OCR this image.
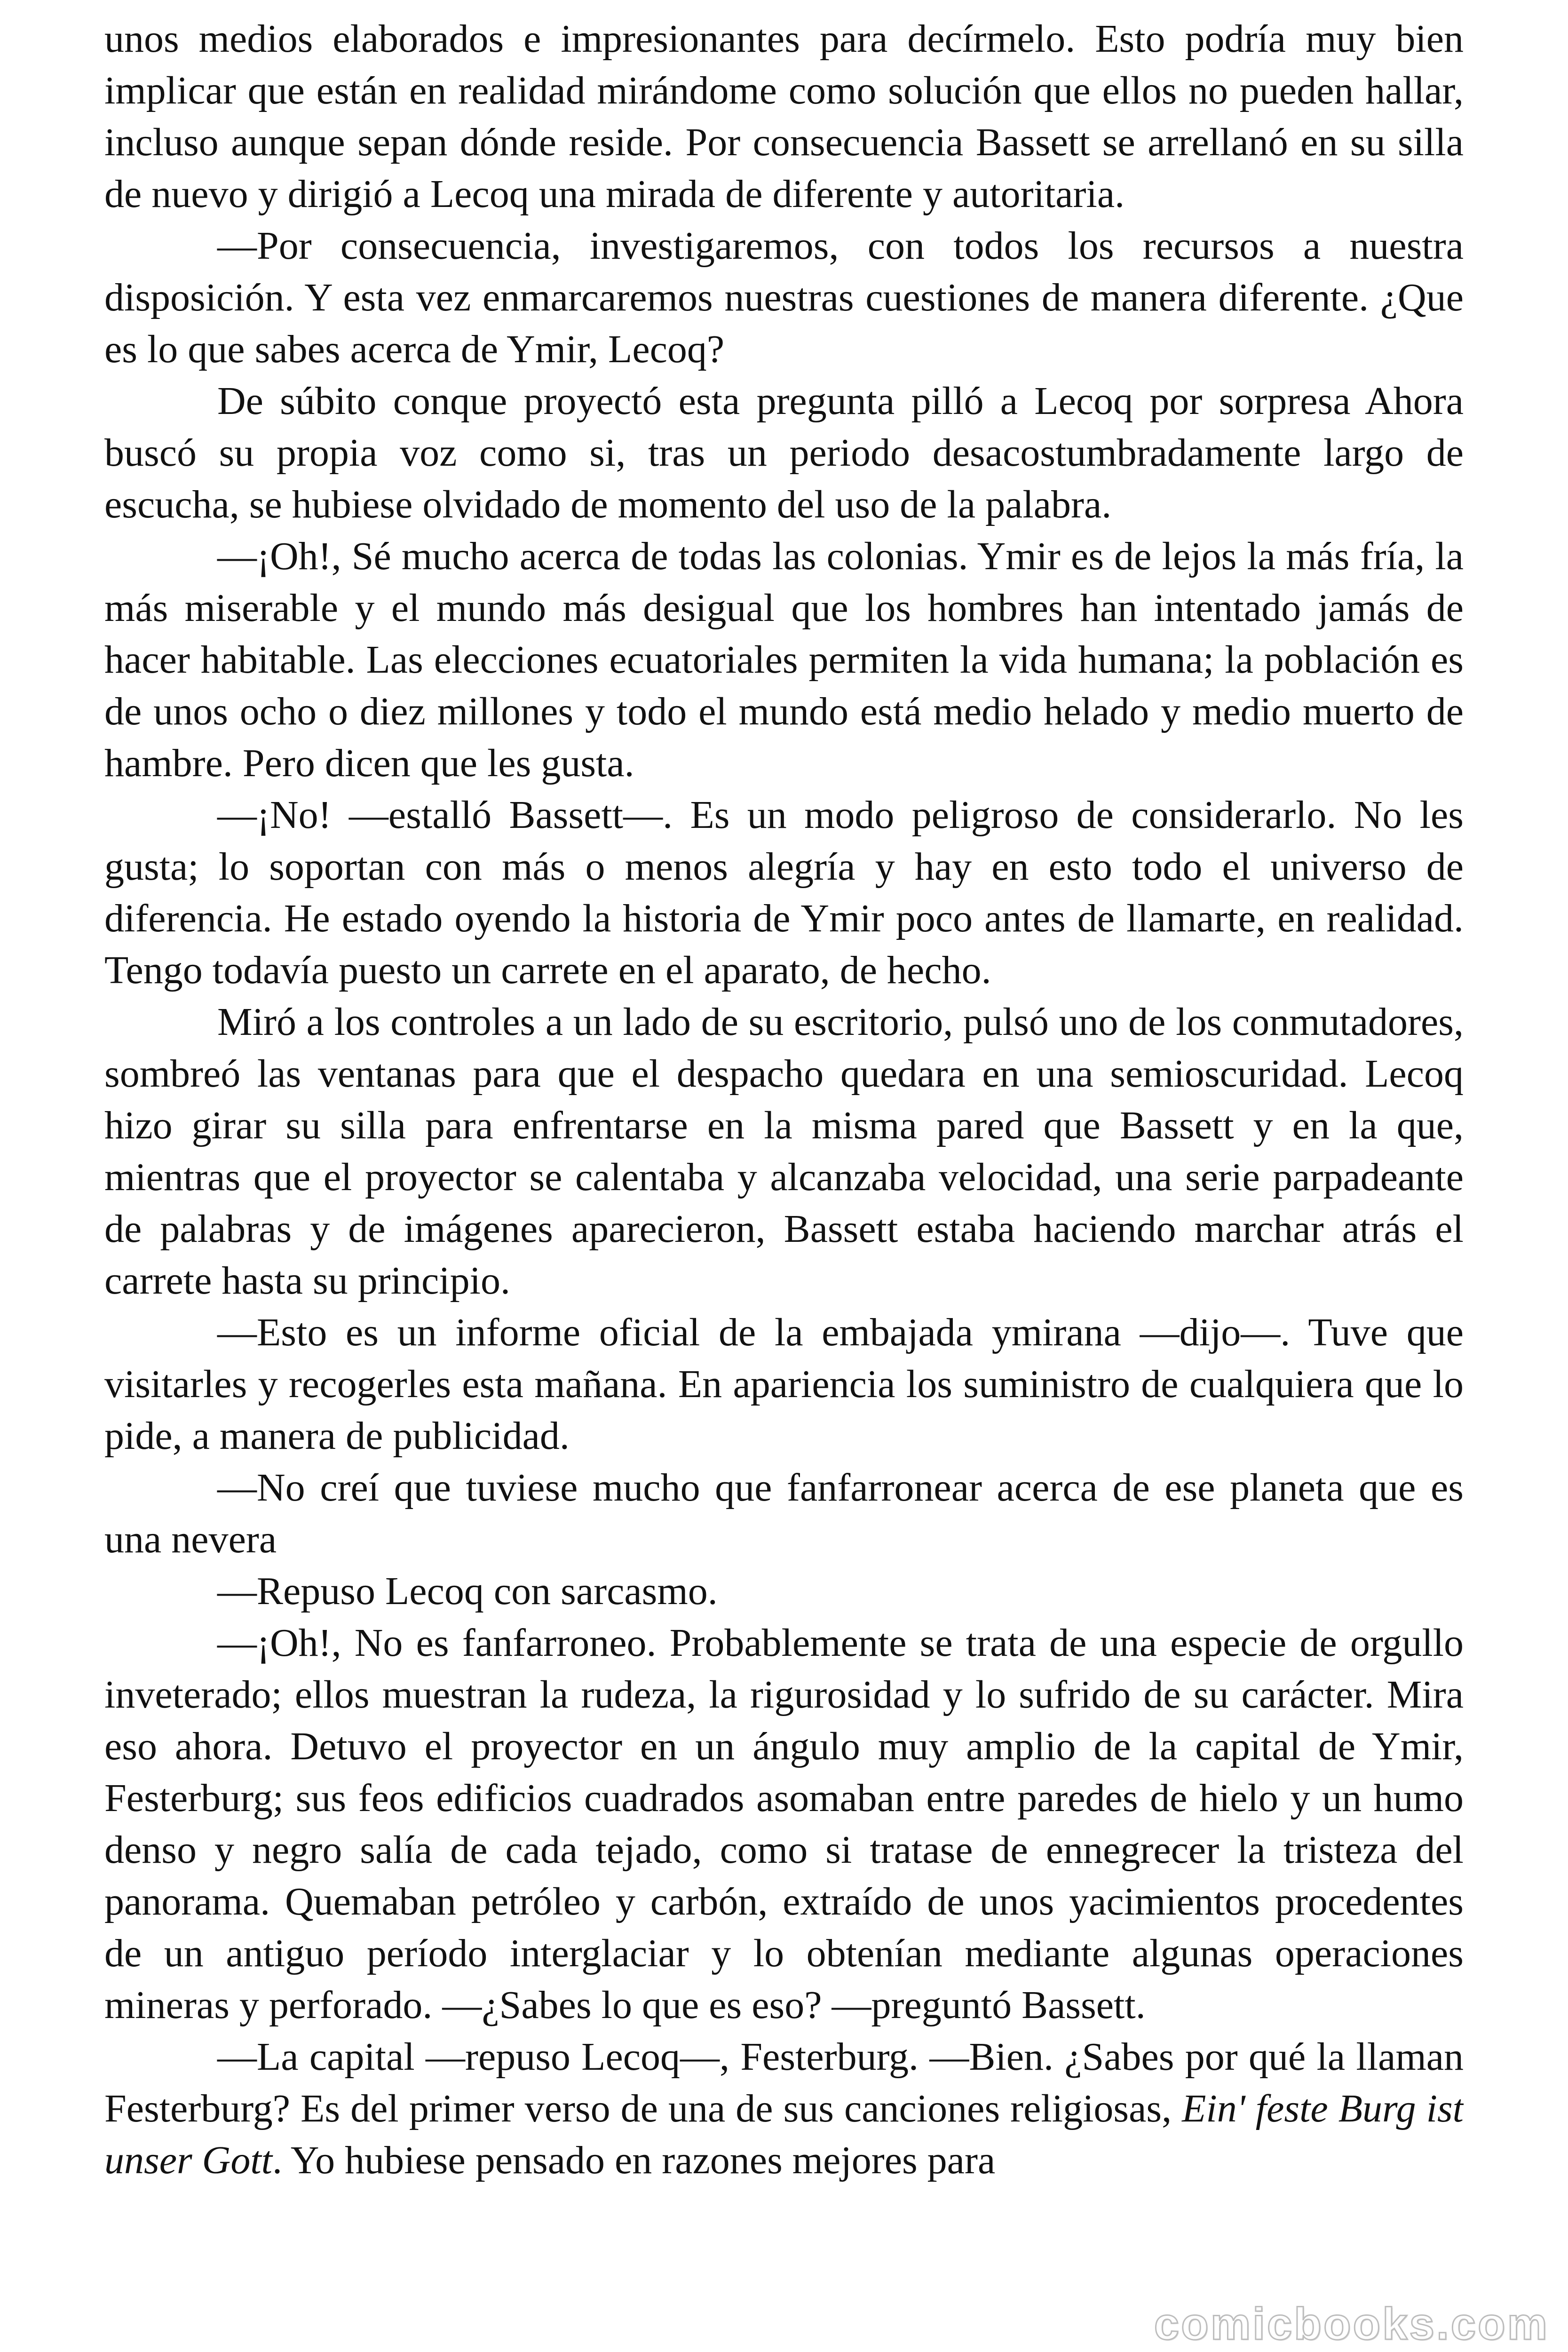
unos medios elaborados e impresionantes para decírmelo. Esto podría muy bien implicar que están en realidad mirándome como solución que ellos no pueden hallar, incluso aunque sepan dónde reside. Por consecuencia Bassett se arrellanó en su silla de nuevo y dirigió a Lecoq una mirada de diferente y autoritaria.

—Por consecuencia, investigaremos, con todos los recursos a nuestra disposición. Y esta vez enmarcaremos nuestras cuestiones de manera diferente. ¿Que es lo que sabes acerca de Ymir, Lecoq?

De súbito conque proyectó esta pregunta pilló a Lecoq por sorpresa Ahora buscó su propia voz como si, tras un periodo desacostumbradamente largo de escucha, se hubiese olvidado de momento del uso de la palabra.

—¡Oh!, Sé mucho acerca de todas las colonias. Ymir es de lejos la más fría, la más miserable y el mundo más desigual que los hombres han intentado jamás de hacer habitable. Las elecciones ecuatoriales permiten la vida humana; la población es de unos ocho o diez millones y todo el mundo está medio helado y medio muerto de hambre. Pero dicen que les gusta.

—¡No! —estalló Bassett—. Es un modo peligroso de considerarlo. No les gusta; lo soportan con más o menos alegría y hay en esto todo el universo de diferencia. He estado oyendo la historia de Ymir poco antes de llamarte, en realidad. Tengo todavía puesto un carrete en el aparato, de hecho.

Miró a los controles a un lado de su escritorio, pulsó uno de los conmutadores, sombreó las ventanas para que el despacho quedara en una semioscuridad. Lecoq hizo girar su silla para enfrentarse en la misma pared que Bassett y en la que, mientras que el proyector se calentaba y alcanzaba velocidad, una serie parpadeante de palabras y de imágenes aparecieron, Bassett estaba haciendo marchar atrás el carrete hasta su principio.

—Esto es un informe oficial de la embajada ymirana —dijo—. Tuve que visitarles y recogerles esta mañana. En apariencia los suministro de cualquiera que lo pide, a manera de publicidad.

—No creí que tuviese mucho que fanfarronear acerca de ese planeta que es una nevera

—Repuso Lecoq con sarcasmo.

—¡Oh!, No es fanfarroneo. Probablemente se trata de una especie de orgullo inveterado; ellos muestran la rudeza, la rigurosidad y lo sufrido de su carácter. Mira eso ahora. Detuvo el proyector en un ángulo muy amplio de la capital de Ymir, Festerburg; sus feos edificios cuadrados asomaban entre paredes de hielo y un humo denso y negro salía de cada tejado, como si tratase de ennegrecer la tristeza del panorama. Quemaban petróleo y carbón, extraído de unos yacimientos procedentes de un antiguo período interglaciar y lo obtenían mediante algunas operaciones mineras y perforado. —¿Sabes lo que es eso? —preguntó Bassett.

—La capital —repuso Lecoq—, Festerburg. —Bien. ¿Sabes por qué la llaman Festerburg? Es del primer verso de una de sus canciones religiosas, Ein' feste Burg ist unser Gott. Yo hubiese pensado en razones mejores para

comicbooks.com
